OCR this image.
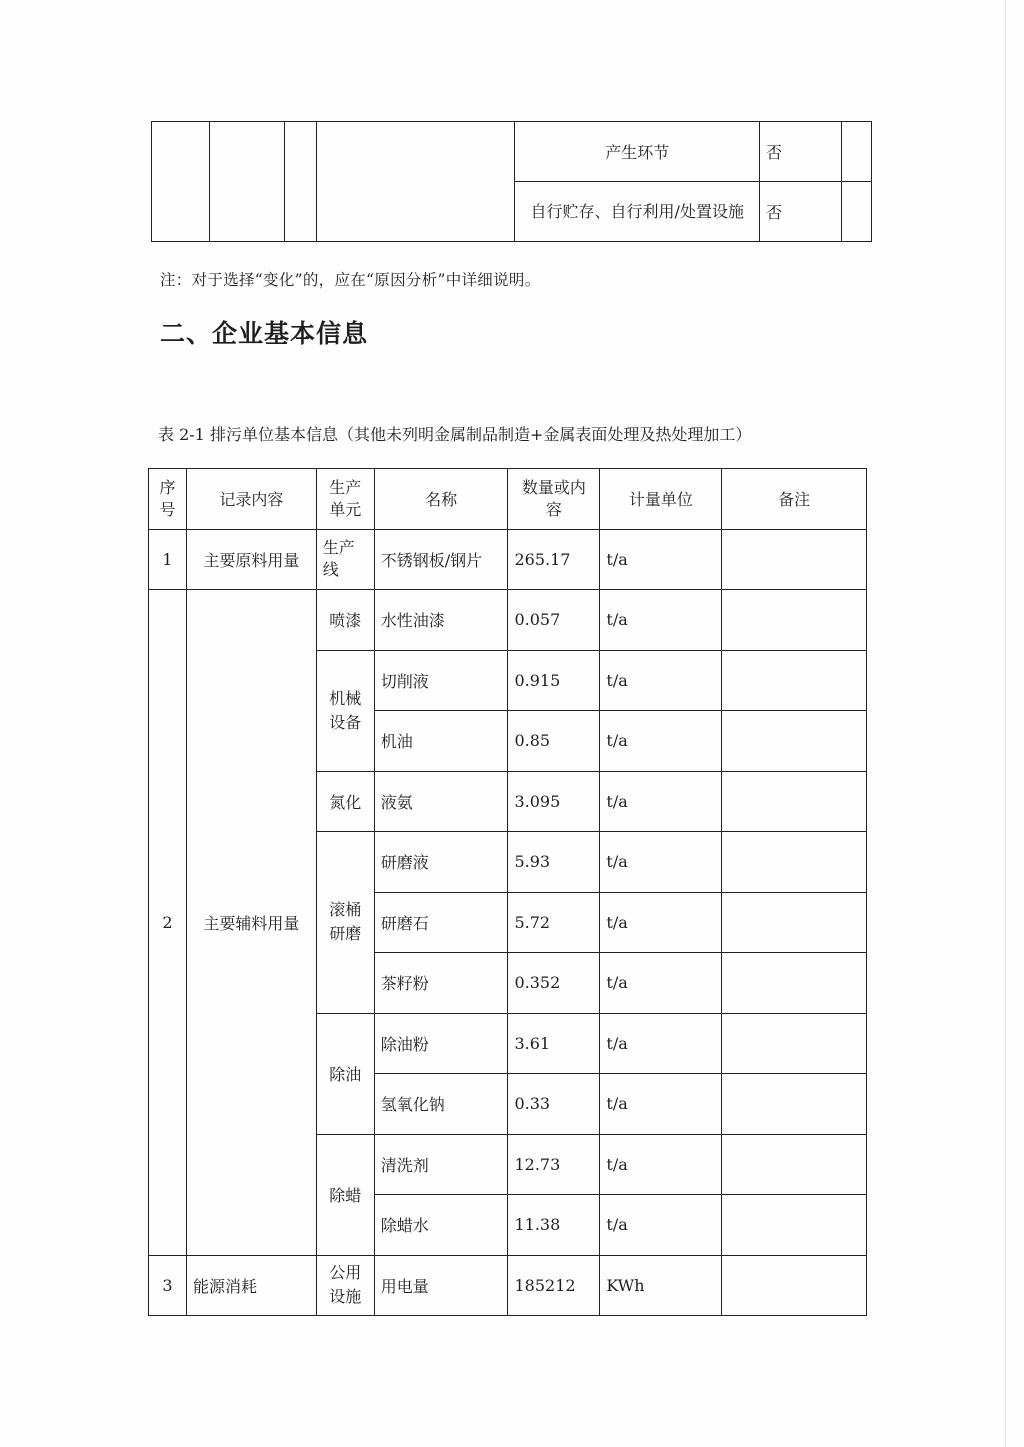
				产生环节	否	
				自行贮存、自行利用/处置设施	否	
注：对于选择“变化”的，应在“原因分析”中详细说明。
二、企业基本信息
表 2-1 排污单位基本信息（其他未列明金属制品制造+金属表面处理及热处理加工）
序号	记录内容	生产单元	名称	数量或内容	计量单位	备注
1	主要原料用量	生产线	不锈钢板/钢片	265.17	t/a	
2	主要辅料用量	喷漆	水性油漆	0.057	t/a	
		机械设备	切削液	0.915	t/a	
			机油	0.85	t/a	
		氮化	液氨	3.095	t/a	
		滚桶研磨	研磨液	5.93	t/a	
			研磨石	5.72	t/a	
			茶籽粉	0.352	t/a	
		除油	除油粉	3.61	t/a	
			氢氧化钠	0.33	t/a	
		除蜡	清洗剂	12.73	t/a	
			除蜡水	11.38	t/a	
3	能源消耗	公用设施	用电量	185212	KWh	
